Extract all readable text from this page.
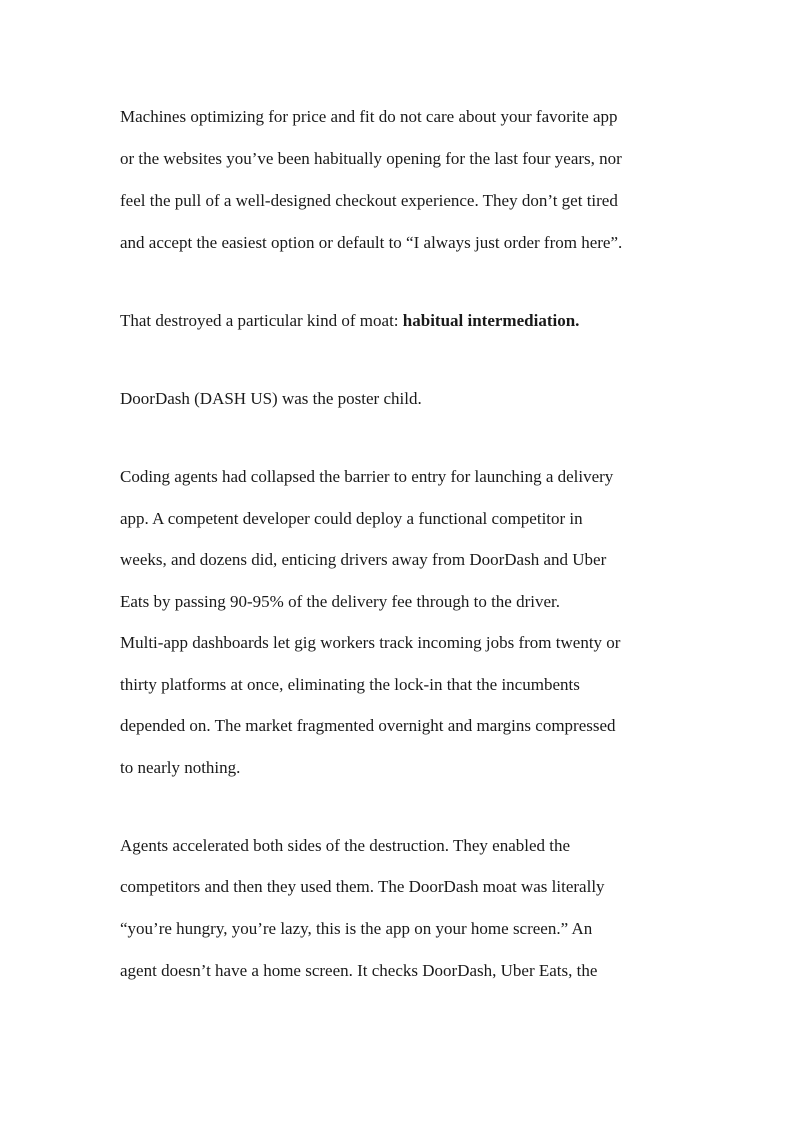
Machines optimizing for price and fit do not care about your favorite app
or the websites you’ve been habitually opening for the last four years, nor
feel the pull of a well-designed checkout experience. They don’t get tired
and accept the easiest option or default to “I always just order from here”.
That destroyed a particular kind of moat: habitual intermediation.
DoorDash (DASH US) was the poster child.
Coding agents had collapsed the barrier to entry for launching a delivery
app. A competent developer could deploy a functional competitor in
weeks, and dozens did, enticing drivers away from DoorDash and Uber
Eats by passing 90-95% of the delivery fee through to the driver.
Multi-app dashboards let gig workers track incoming jobs from twenty or
thirty platforms at once, eliminating the lock-in that the incumbents
depended on. The market fragmented overnight and margins compressed
to nearly nothing.
Agents accelerated both sides of the destruction. They enabled the
competitors and then they used them. The DoorDash moat was literally
“you’re hungry, you’re lazy, this is the app on your home screen.” An
agent doesn’t have a home screen. It checks DoorDash, Uber Eats, the
